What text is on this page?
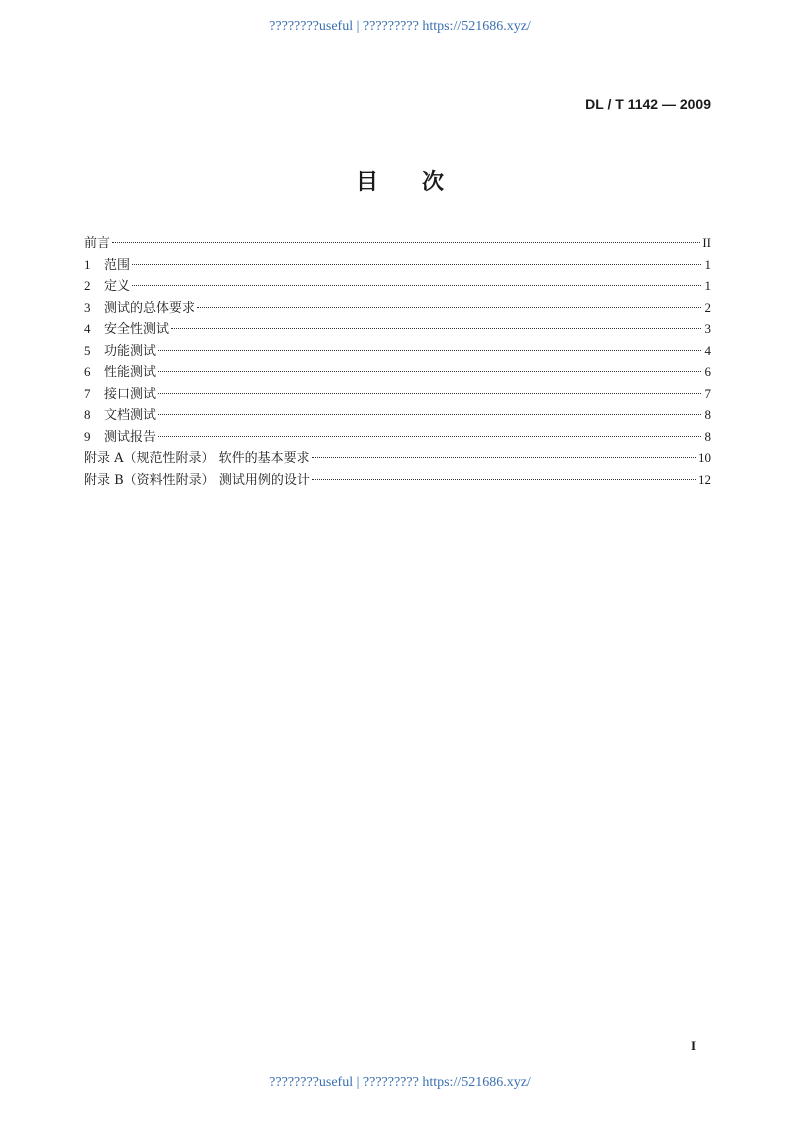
????????useful | ????????? https://521686.xyz/
DL / T 1142 — 2009
目次
前言	II
1	范围	1
2	定义	1
3	测试的总体要求	2
4	安全性测试	3
5	功能测试	4
6	性能测试	6
7	接口测试	7
8	文档测试	8
9	测试报告	8
附录 A（规范性附录） 软件的基本要求	10
附录 B（资料性附录） 测试用例的设计	12
I
????????useful | ????????? https://521686.xyz/
